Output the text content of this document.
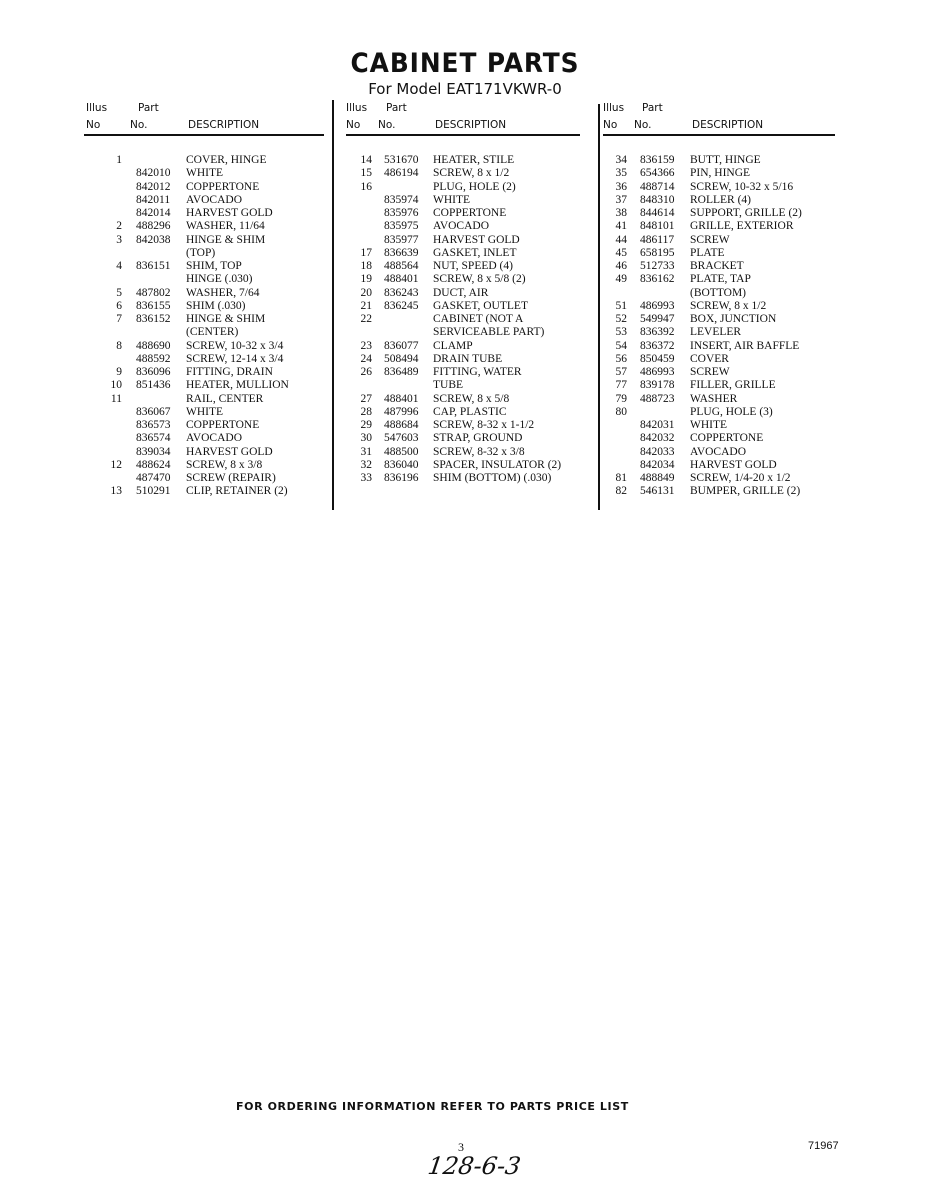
CABINET PARTS
For Model EAT171VKWR-0
Illus
No
Part
No.	DESCRIPTION
1	COVER, HINGE
842010 WHITE
842012 COPPERTONE
842011 AVOCADO
842014 HARVEST GOLD
2 488296 WASHER, 11/64
3 842038 HINGE & SHIM
(TOP)
4 836151 SHIM, TOP
HINGE (.030)
5 487802 WASHER, 7/64
6 836155 SHIM (.030)
7 836152 HINGE & SHIM
(CENTER)
8 488690 SCREW, 10-32 x 3/4
488592 SCREW, 12-14 x 3/4
9 836096 FITTING, DRAIN
10 851436 HEATER, MULLION
11	RAIL, CENTER
836067 WHITE
836573 COPPERTONE
836574 AVOCADO
839034 HARVEST GOLD
12 488624 SCREW, 8 x 3/8
487470 SCREW (REPAIR)
13 510291 CLIP, RETAINER (2)
Illus
No
Part
No.	DESCRIPTION
14 531670 HEATER, STILE
15 486194 SCREW, 8 x 1/2
16	PLUG, HOLE (2)
835974 WHITE
835976 COPPERTONE
835975 AVOCADO
835977 HARVEST GOLD
17 836639 GASKET, INLET
18 488564 NUT, SPEED (4)
19 488401 SCREW, 8 x 5/8 (2)
20 836243 DUCT, AIR
21 836245 GASKET, OUTLET
22	CABINET (NOT A
SERVICEABLE PART)
23 836077 CLAMP
24 508494 DRAIN TUBE
26 836489 FITTING, WATER
TUBE
27 488401 SCREW, 8 x 5/8
28 487996 CAP, PLASTIC
29 488684 SCREW, 8-32 x 1-1/2
30 547603 STRAP, GROUND
31 488500 SCREW, 8-32 x 3/8
32 836040 SPACER, INSULATOR (2)
33 836196 SHIM (BOTTOM) (.030)
Illus
No
Part
No.	DESCRIPTION
34 836159 BUTT, HINGE
35 654366 PIN, HINGE
36 488714 SCREW, 10-32 x 5/16
37 848310 ROLLER (4)
38 844614 SUPPORT, GRILLE (2)
41 848101 GRILLE, EXTERIOR
44 486117 SCREW
45 658195 PLATE
46 512733 BRACKET
49 836162 PLATE, TAP
(BOTTOM)
51 486993 SCREW, 8 x 1/2
52 549947 BOX, JUNCTION
53 836392 LEVELER
54 836372 INSERT, AIR BAFFLE
56 850459 COVER
57 486993 SCREW
77 839178 FILLER, GRILLE
79 488723 WASHER
80	PLUG, HOLE (3)
842031 WHITE
842032 COPPERTONE
842033 AVOCADO
842034 HARVEST GOLD
81 488849 SCREW, 1/4-20 x 1/2
82 546131 BUMPER, GRILLE (2)
FOR ORDERING INFORMATION REFER TO PARTS PRICE LIST
3	71967
128-6-3
